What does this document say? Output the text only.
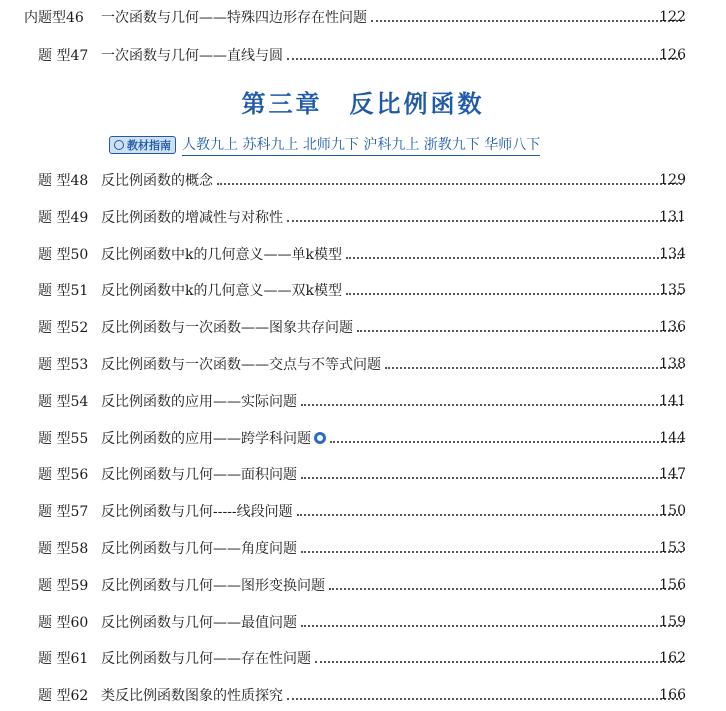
内题型46 一次函数与几何——特殊四边形存在性问题	122
题 型47 一次函数与几何——直线与圆	126
第三章　反比例函数
教材指南 人教九上 苏科九上 北师九下 沪科九上 浙教九下 华师八下
题 型48 反比例函数的概念	129
题 型49 反比例函数的增减性与对称性	131
题 型50 反比例函数中k的几何意义——单k模型	134
题 型51 反比例函数中k的几何意义——双k模型	135
题 型52 反比例函数与一次函数——图象共存问题	136
题 型53 反比例函数与一次函数——交点与不等式问题	138
题 型54 反比例函数的应用——实际问题	141
题 型55 反比例函数的应用——跨学科问题	144
题 型56 反比例函数与几何——面积问题	147
题 型57 反比例函数与几何-----线段问题	150
题 型58 反比例函数与几何——角度问题	153
题 型59 反比例函数与几何——图形变换问题	156
题 型60 反比例函数与几何——最值问题	159
题 型61 反比例函数与几何——存在性问题	162
题 型62 类反比例函数图象的性质探究	166
